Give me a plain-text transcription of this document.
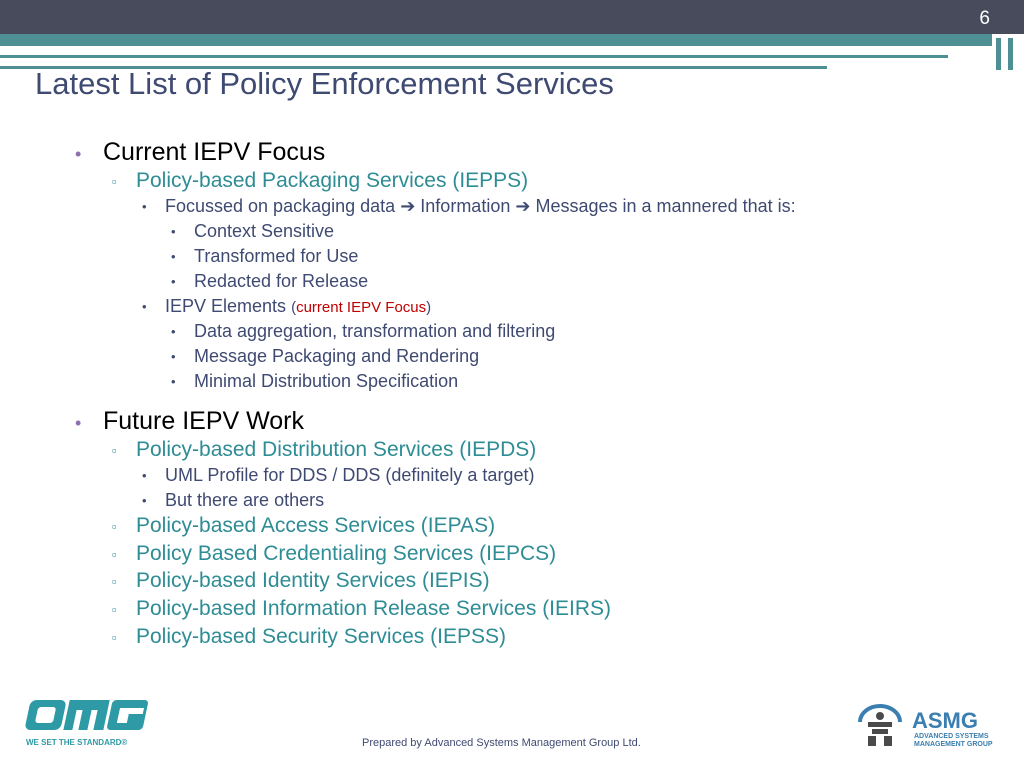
6
Latest List of Policy Enforcement Services
• Current IEPV Focus
▫ Policy-based Packaging Services (IEPPS)
• Focussed on packaging data ➔ Information ➔ Messages in a mannered that is:
• Context Sensitive
• Transformed for Use
• Redacted for Release
• IEPV Elements (current IEPV Focus)
• Data aggregation, transformation and filtering
• Message Packaging and Rendering
• Minimal Distribution Specification
• Future IEPV Work
▫ Policy-based Distribution Services (IEPDS)
• UML Profile for DDS / DDS (definitely a target)
• But there are others
▫ Policy-based Access Services (IEPAS)
▫ Policy Based Credentialing Services (IEPCS)
▫ Policy-based Identity Services (IEPIS)
▫ Policy-based Information Release Services (IEIRS)
▫ Policy-based Security Services (IEPSS)
WE SET THE STANDARD®	Prepared by Advanced Systems Management Group Ltd.
ASMG
ADVANCED SYSTEMS
MANAGEMENT GROUP
